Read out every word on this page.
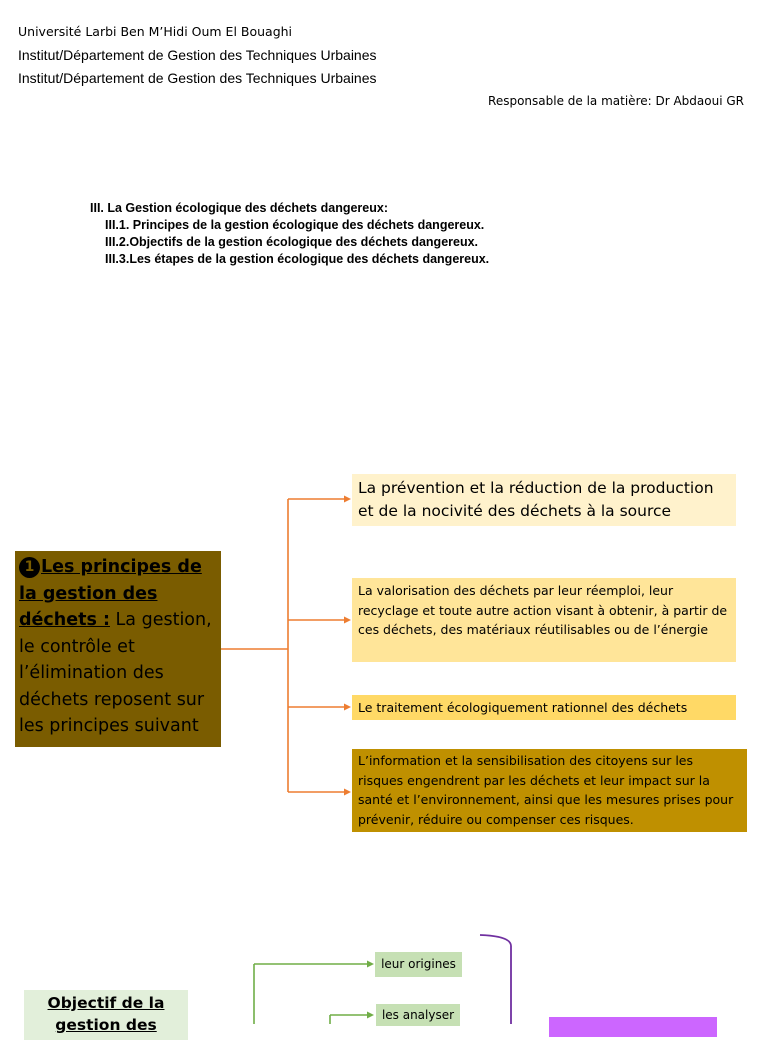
Université Larbi Ben M’Hidi Oum El Bouaghi
Institut/Département de Gestion des Techniques Urbaines
Institut/Département de Gestion des Techniques Urbaines
Responsable de la matière: Dr Abdaoui GR
III. La Gestion écologique des déchets dangereux:
III.1. Principes de la gestion écologique des déchets dangereux.
III.2.Objectifs de la gestion écologique des déchets dangereux.
III.3.Les étapes de la gestion écologique des déchets dangereux.
1 Les principes de la gestion des déchets : La gestion, le contrôle et l’élimination des déchets reposent sur les principes suivant
La prévention et la réduction de la production et de la nocivité des déchets à la source
La valorisation des déchets par leur réemploi, leur recyclage et toute autre action visant à obtenir, à partir de ces déchets, des matériaux réutilisables ou de l’énergie
Le traitement écologiquement rationnel des déchets
L’information et la sensibilisation des citoyens sur les risques engendrent par les déchets et leur impact sur la santé et l’environnement, ainsi que les mesures prises pour prévenir, réduire ou compenser ces risques.
Objectif de la gestion des
leur origines
les analyser
